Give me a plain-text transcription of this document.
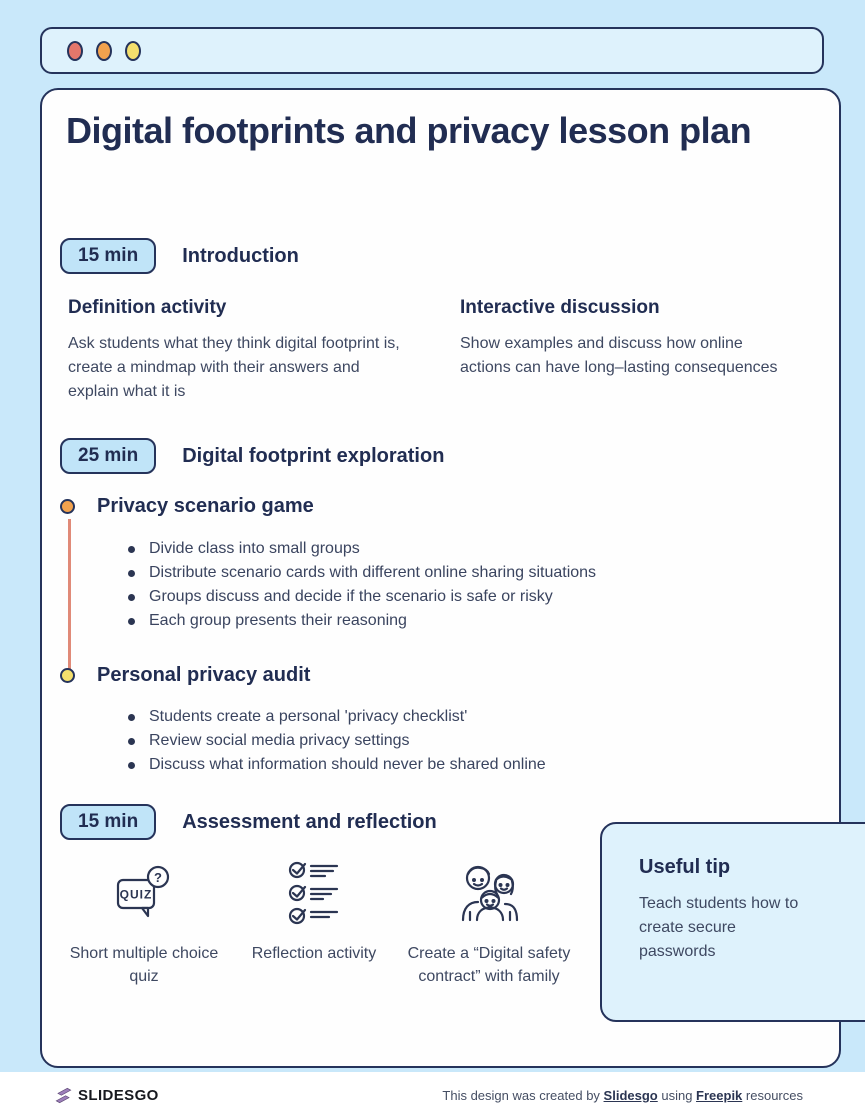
Digital footprints and privacy lesson plan
15 min	Introduction
Definition activity
Ask students what they think digital footprint is, create a mindmap with their answers and explain what it is
Interactive discussion
Show examples and discuss how online actions can have long–lasting consequences
25 min	Digital footprint exploration
Privacy scenario game
Divide class into small groups
Distribute scenario cards with different online sharing situations
Groups discuss and decide if the scenario is safe or risky
Each group presents their reasoning
Personal privacy audit
Students create a personal 'privacy checklist'
Review social media privacy settings
Discuss what information should never be shared online
15 min	Assessment and reflection
?
QUIZ
Short multiple choice quiz
Reflection activity	Create a “Digital safety contract” with family
Useful tip
Teach students how to create secure passwords
SLIDESGO	This design was created by Slidesgo using Freepik resources
